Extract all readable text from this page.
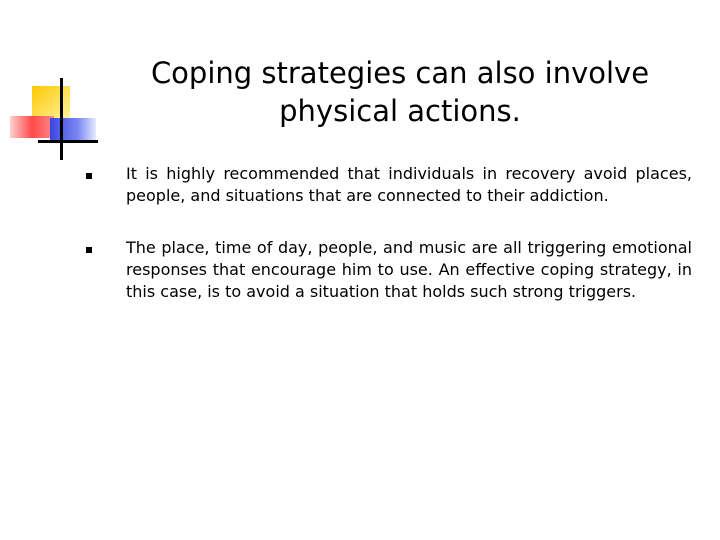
Coping strategies can also involve physical actions.
It is highly recommended that individuals in recovery avoid places, people, and situations that are connected to their addiction.
The place, time of day, people, and music are all triggering emotional responses that encourage him to use. An effective coping strategy, in this case, is to avoid a situation that holds such strong triggers.
